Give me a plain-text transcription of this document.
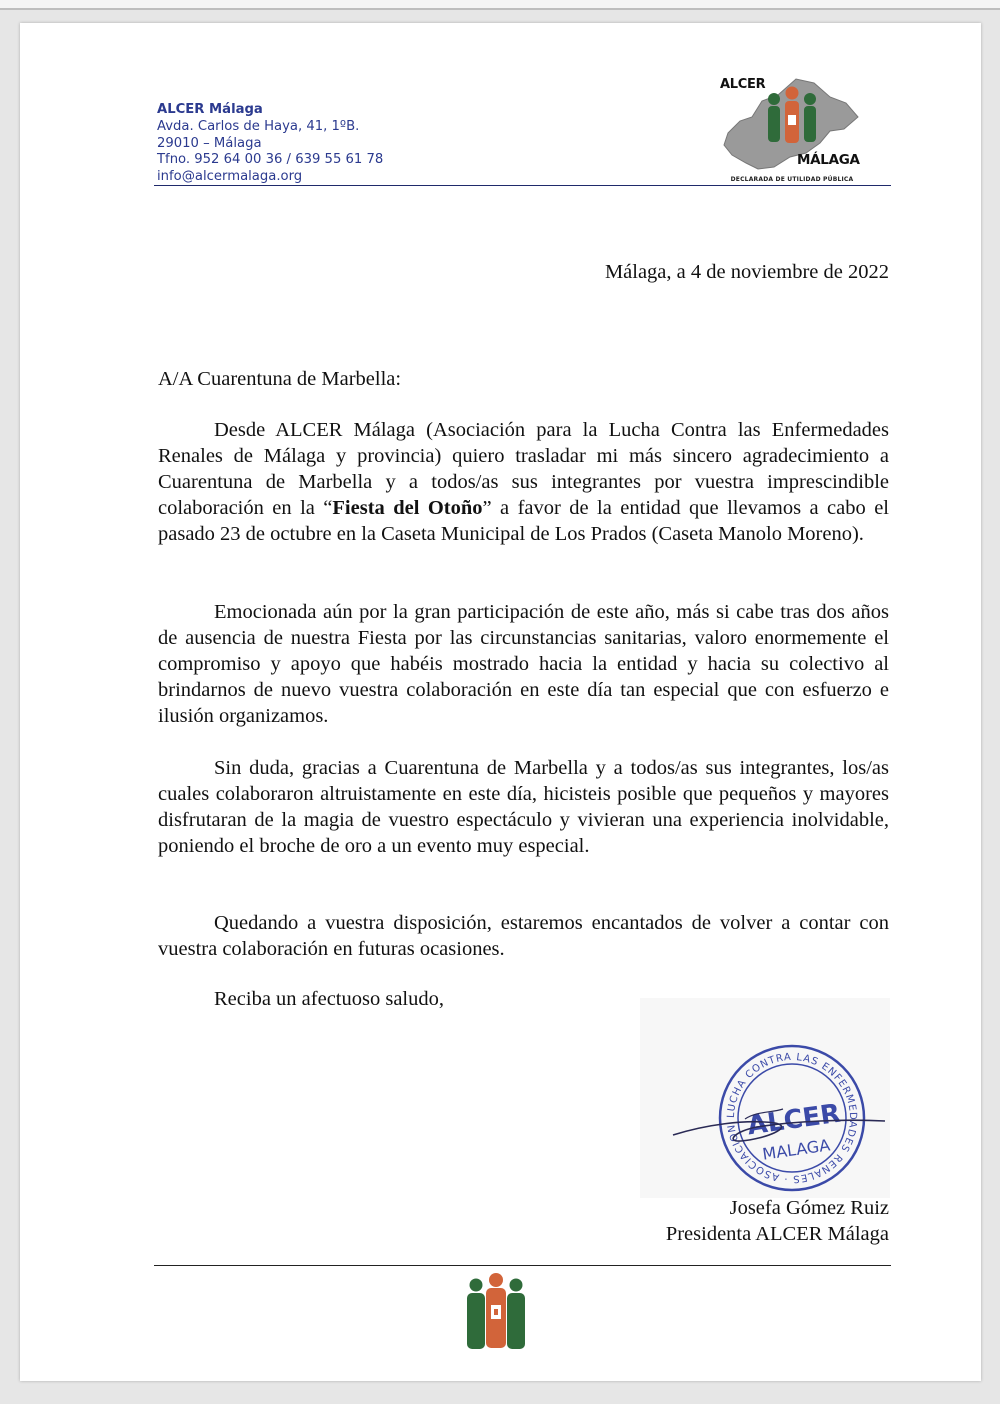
ALCER Málaga
Avda. Carlos de Haya, 41, 1ºB.
29010 – Málaga
Tfno. 952 64 00 36 / 639 55 61 78
info@alcermalaga.org
ALCER
MÁLAGA
DECLARADA DE UTILIDAD PÚBLICA
Málaga, a 4 de noviembre de 2022
A/A Cuarentuna de Marbella:

Desde ALCER Málaga (Asociación para la Lucha Contra las Enfermedades Renales de Málaga y provincia) quiero trasladar mi más sincero agradecimiento a Cuarentuna de Marbella y a todos/as sus integrantes por vuestra imprescindible colaboración en la “Fiesta del Otoño” a favor de la entidad que llevamos a cabo el pasado 23 de octubre en la Caseta Municipal de Los Prados (Caseta Manolo Moreno).

Emocionada aún por la gran participación de este año, más si cabe tras dos años de ausencia de nuestra Fiesta por las circunstancias sanitarias, valoro enormemente el compromiso y apoyo que habéis mostrado hacia la entidad y hacia su colectivo al brindarnos de nuevo vuestra colaboración en este día tan especial que con esfuerzo e ilusión organizamos.

Sin duda, gracias a Cuarentuna de Marbella y a todos/as sus integrantes, los/as cuales colaboraron altruistamente en este día, hicisteis posible que pequeños y mayores disfrutaran de la magia de vuestro espectáculo y vivieran una experiencia inolvidable, poniendo el broche de oro a un evento muy especial.

Quedando a vuestra disposición, estaremos encantados de volver a contar con vuestra colaboración en futuras ocasiones.

Reciba un afectuoso saludo,
LUCHA CONTRA LAS ENFERMEDADES RENALES · ASOCIACION ALCER
MALAGA
Josefa Gómez Ruiz
Presidenta ALCER Málaga
